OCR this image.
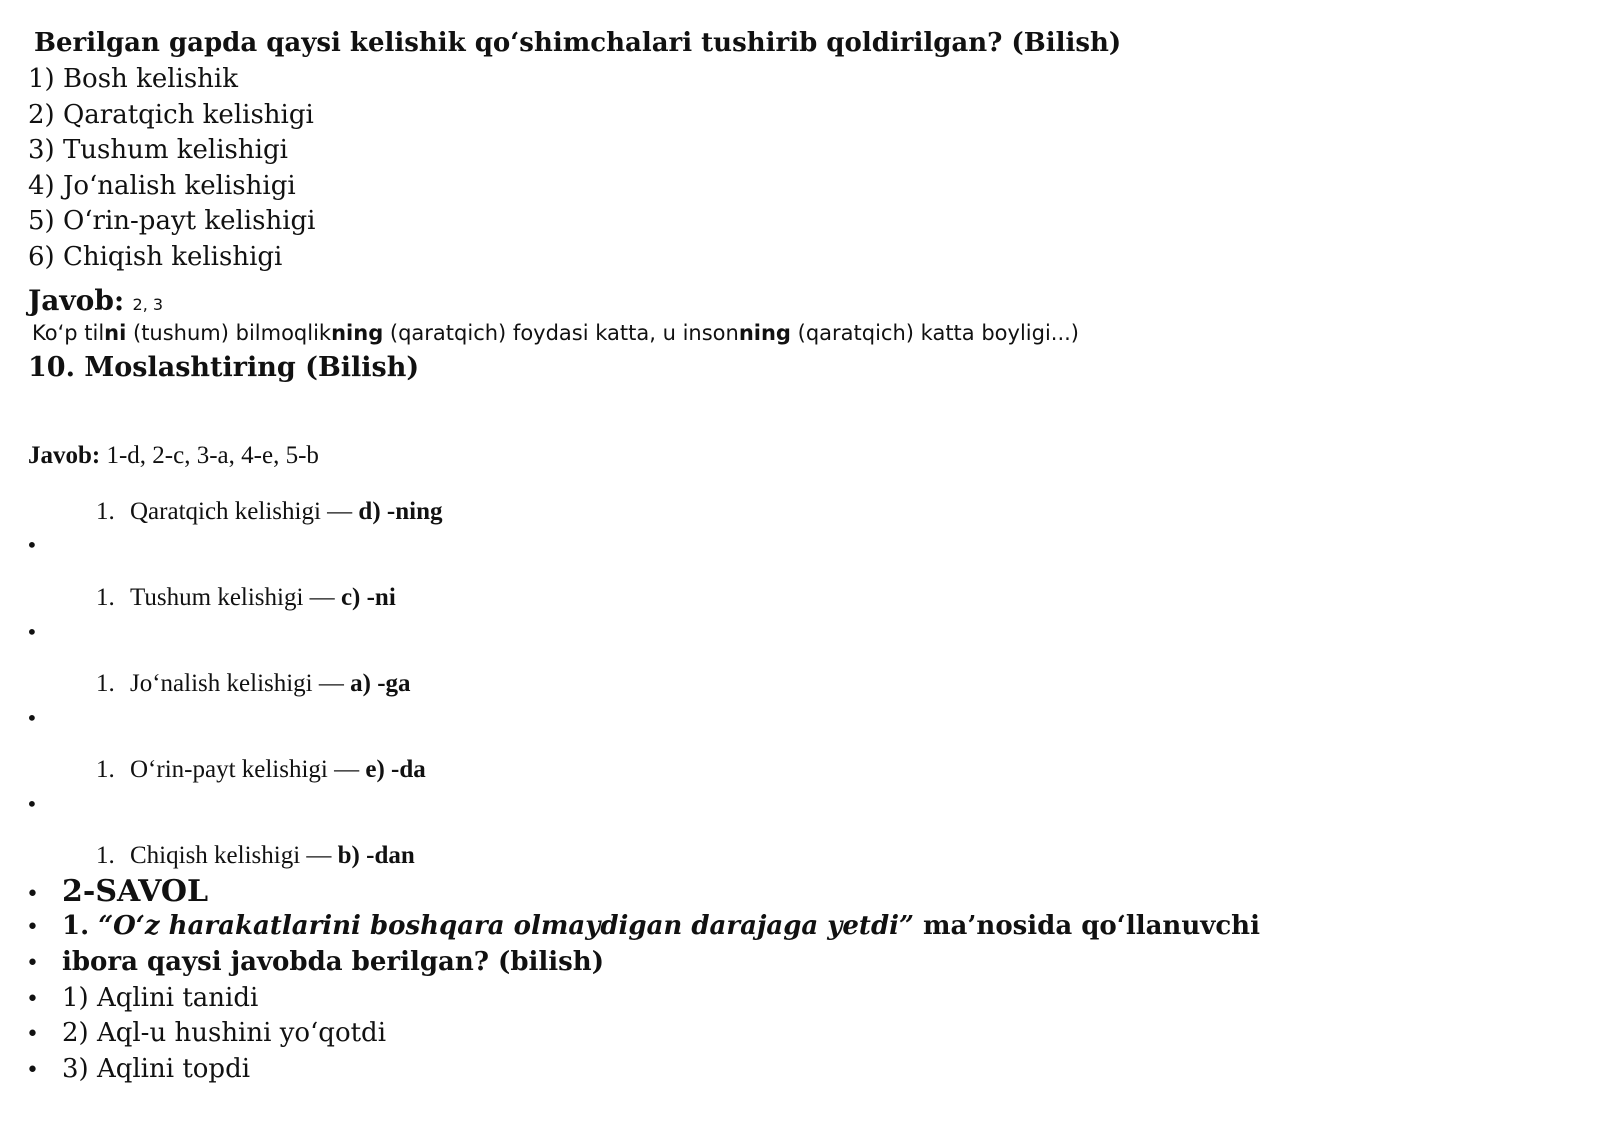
Berilgan gapda qaysi kelishik qo‘shimchalari tushirib qoldirilgan? (Bilish)
1) Bosh kelishik
2) Qaratqich kelishigi
3) Tushum kelishigi
4) Jo‘nalish kelishigi
5) O‘rin-payt kelishigi
6) Chiqish kelishigi
Javob: 2, 3
Ko‘p tilni (tushum) bilmoqlikning (qaratqich) foydasi katta, u insonning (qaratqich) katta boyligi...)
10. Moslashtiring (Bilish)
Javob: 1-d, 2-c, 3-a, 4-e, 5-b
1. Qaratqich kelishigi — d) -ning
•
1. Tushum kelishigi — c) -ni
•
1. Jo‘nalish kelishigi — a) -ga
•
1. O‘rin-payt kelishigi — e) -da
•
1. Chiqish kelishigi — b) -dan
• 2-SAVOL
• 1. “O‘z harakatlarini boshqara olmaydigan darajaga yetdi” ma’nosida qo‘llanuvchi
• ibora qaysi javobda berilgan? (bilish)
• 1) Aqlini tanidi
• 2) Aql-u hushini yo‘qotdi
• 3) Aqlini topdi
